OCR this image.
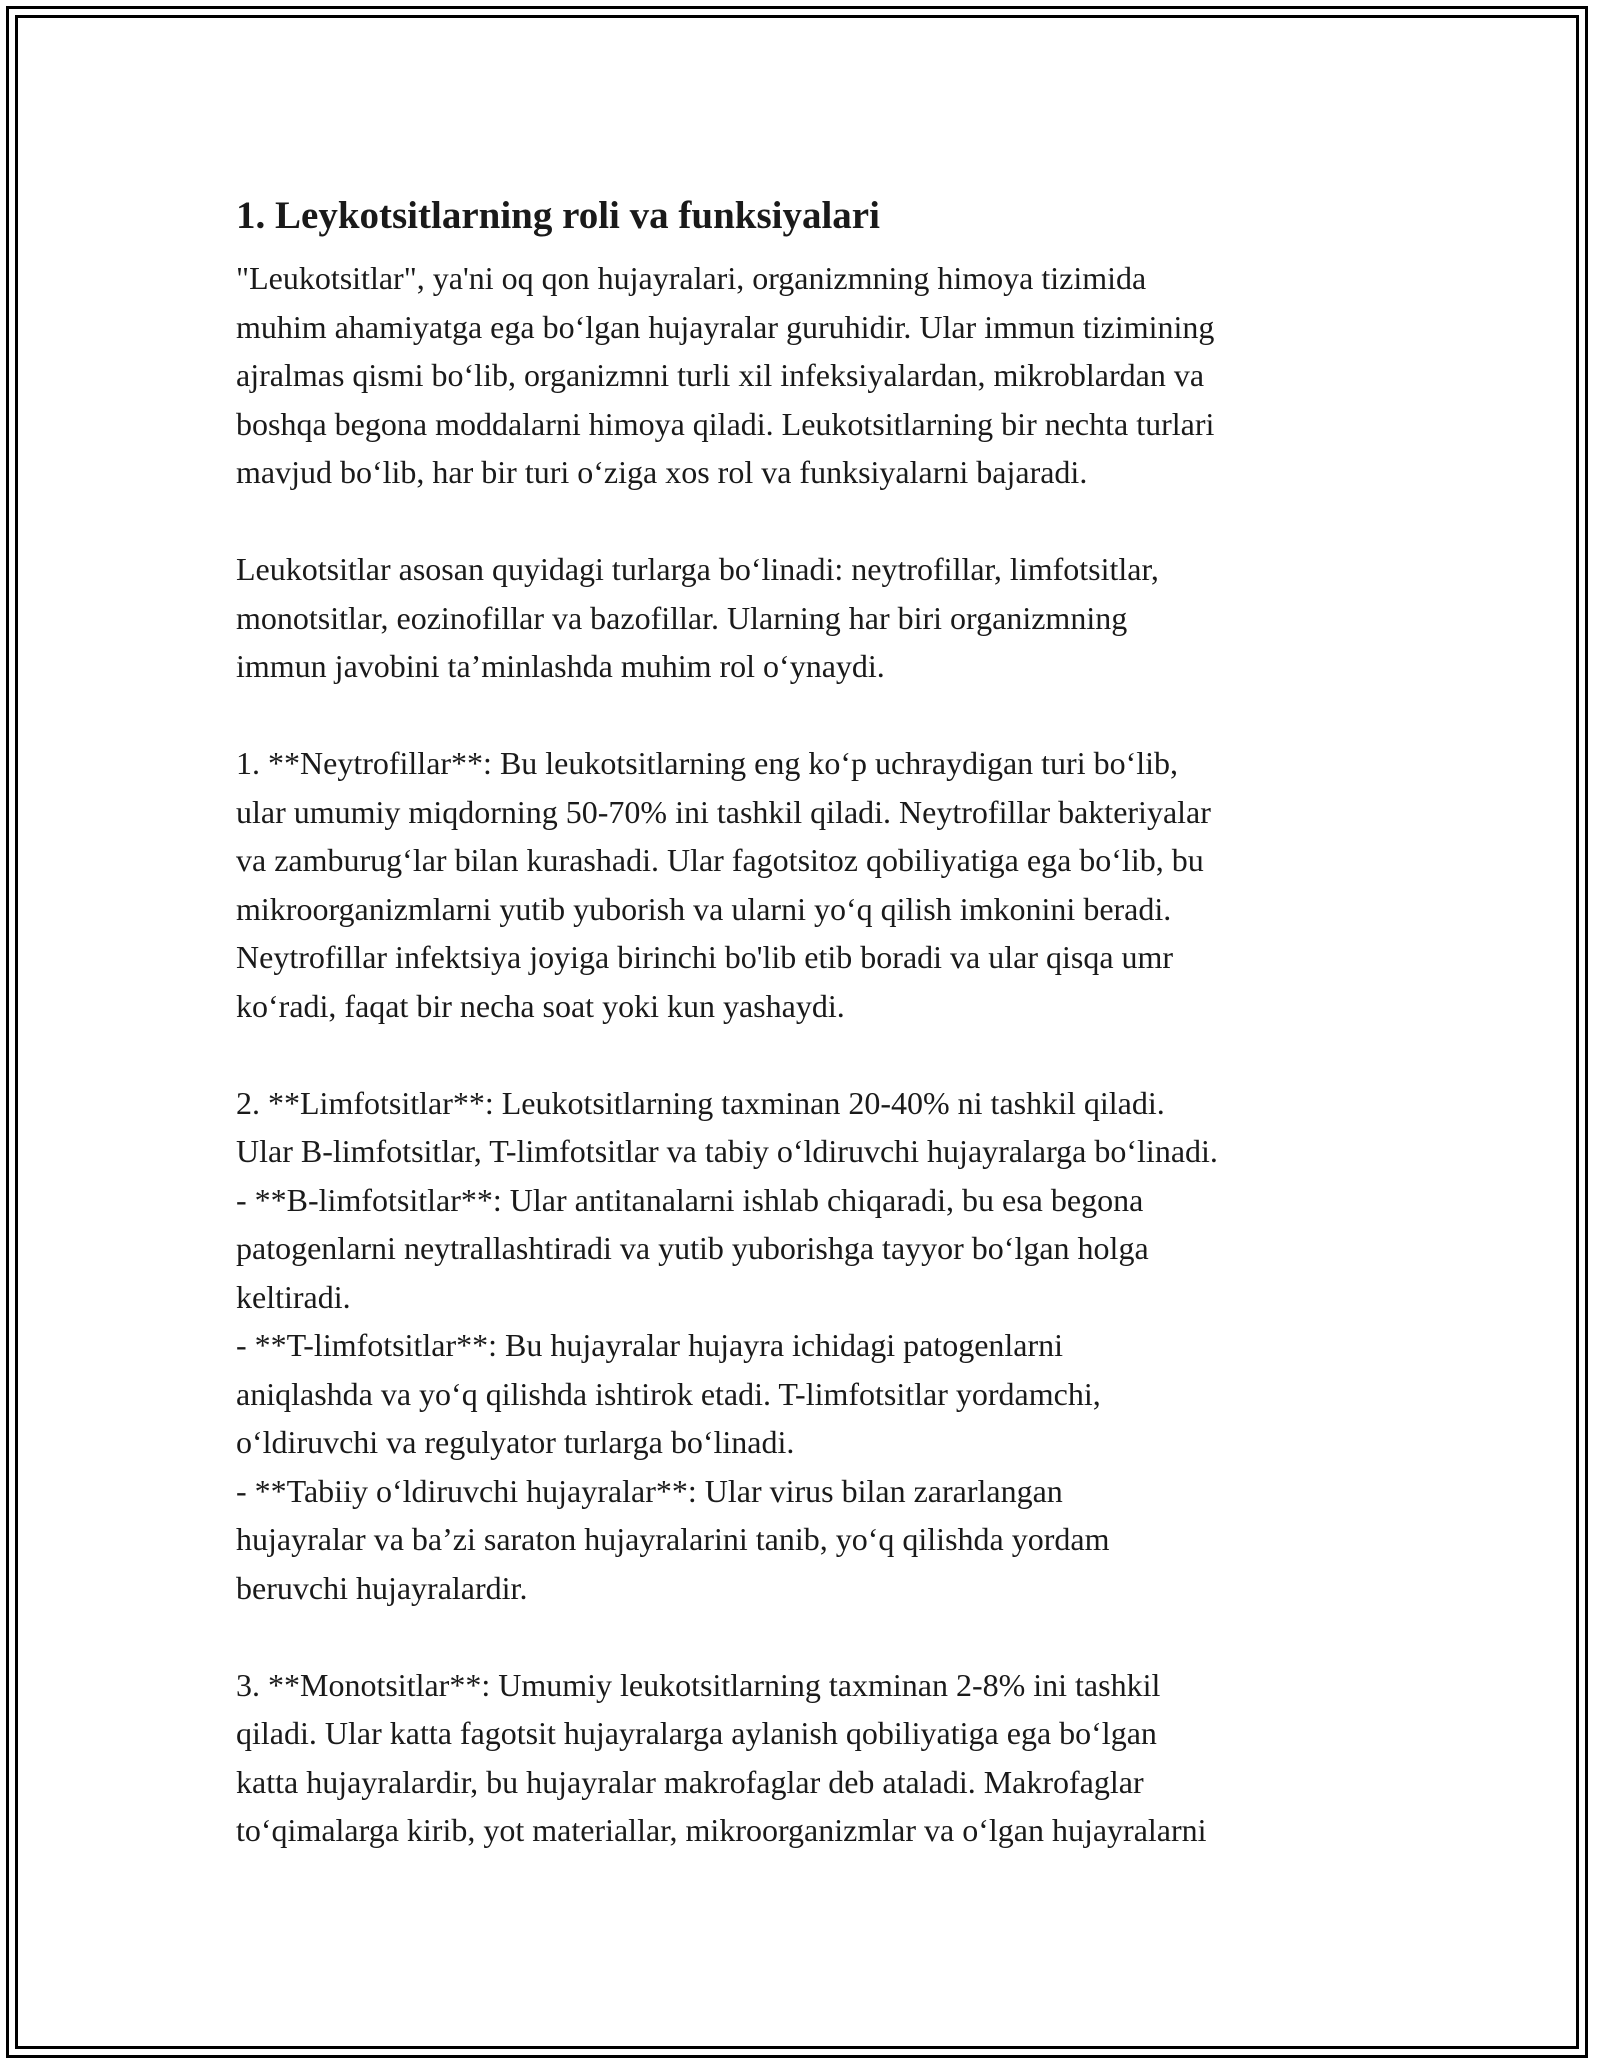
1. Leykotsitlarning roli va funksiyalari

"Leukotsitlar", ya'ni oq qon hujayralari, organizmning himoya tizimida
muhim ahamiyatga ega bo‘lgan hujayralar guruhidir. Ular immun tizimining
ajralmas qismi bo‘lib, organizmni turli xil infeksiyalardan, mikroblardan va
boshqa begona moddalarni himoya qiladi. Leukotsitlarning bir nechta turlari
mavjud bo‘lib, har bir turi o‘ziga xos rol va funksiyalarni bajaradi.

Leukotsitlar asosan quyidagi turlarga bo‘linadi: neytrofillar, limfotsitlar,
monotsitlar, eozinofillar va bazofillar. Ularning har biri organizmning
immun javobini ta’minlashda muhim rol o‘ynaydi.

1. **Neytrofillar**: Bu leukotsitlarning eng ko‘p uchraydigan turi bo‘lib,
ular umumiy miqdorning 50-70% ini tashkil qiladi. Neytrofillar bakteriyalar
va zamburug‘lar bilan kurashadi. Ular fagotsitoz qobiliyatiga ega bo‘lib, bu
mikroorganizmlarni yutib yuborish va ularni yo‘q qilish imkonini beradi.
Neytrofillar infektsiya joyiga birinchi bo'lib etib boradi va ular qisqa umr
ko‘radi, faqat bir necha soat yoki kun yashaydi.

2. **Limfotsitlar**: Leukotsitlarning taxminan 20-40% ni tashkil qiladi.
Ular B-limfotsitlar, T-limfotsitlar va tabiy o‘ldiruvchi hujayralarga bo‘linadi.
- **B-limfotsitlar**: Ular antitanalarni ishlab chiqaradi, bu esa begona
patogenlarni neytrallashtiradi va yutib yuborishga tayyor bo‘lgan holga
keltiradi.
- **T-limfotsitlar**: Bu hujayralar hujayra ichidagi patogenlarni
aniqlashda va yo‘q qilishda ishtirok etadi. T-limfotsitlar yordamchi,
o‘ldiruvchi va regulyator turlarga bo‘linadi.
- **Tabiiy o‘ldiruvchi hujayralar**: Ular virus bilan zararlangan
hujayralar va ba’zi saraton hujayralarini tanib, yo‘q qilishda yordam
beruvchi hujayralardir.

3. **Monotsitlar**: Umumiy leukotsitlarning taxminan 2-8% ini tashkil
qiladi. Ular katta fagotsit hujayralarga aylanish qobiliyatiga ega bo‘lgan
katta hujayralardir, bu hujayralar makrofaglar deb ataladi. Makrofaglar
to‘qimalarga kirib, yot materiallar, mikroorganizmlar va o‘lgan hujayralarni
